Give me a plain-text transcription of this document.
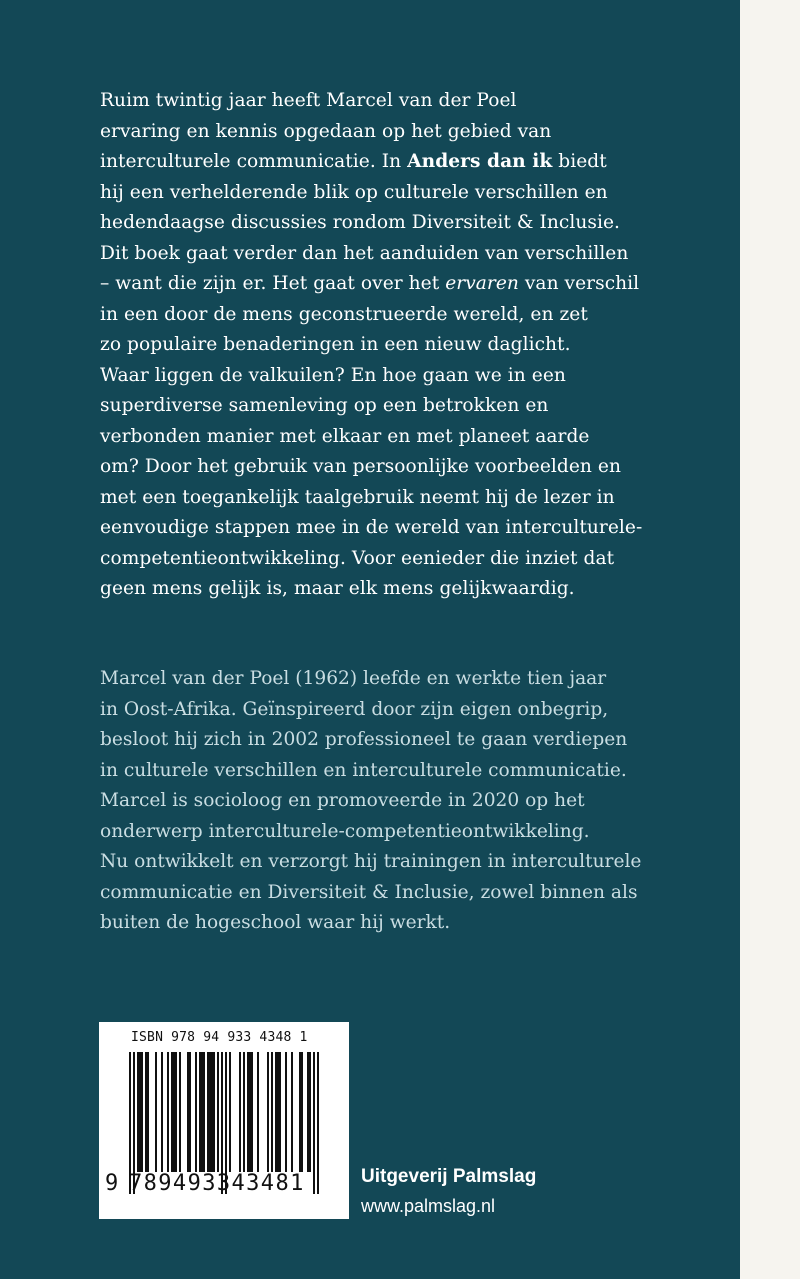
Ruim twintig jaar heeft Marcel van der Poel
ervaring en kennis opgedaan op het gebied van
interculturele communicatie. In Anders dan ik biedt
hij een verhelderende blik op culturele verschillen en
hedendaagse discussies rondom Diversiteit & Inclusie.
Dit boek gaat verder dan het aanduiden van verschillen
– want die zijn er. Het gaat over het ervaren van verschil
in een door de mens geconstrueerde wereld, en zet
zo populaire benaderingen in een nieuw daglicht.
Waar liggen de valkuilen? En hoe gaan we in een
superdiverse samenleving op een betrokken en
verbonden manier met elkaar en met planeet aarde
om? Door het gebruik van persoonlijke voorbeelden en
met een toegankelijk taalgebruik neemt hij de lezer in
eenvoudige stappen mee in de wereld van interculturele-
competentieontwikkeling. Voor eenieder die inziet dat
geen mens gelijk is, maar elk mens gelijkwaardig.

Marcel van der Poel (1962) leefde en werkte tien jaar
in Oost-Afrika. Geïnspireerd door zijn eigen onbegrip,
besloot hij zich in 2002 professioneel te gaan verdiepen
in culturele verschillen en interculturele communicatie.
Marcel is socioloog en promoveerde in 2020 op het
onderwerp interculturele-competentieontwikkeling.
Nu ontwikkelt en verzorgt hij trainingen in interculturele
communicatie en Diversiteit & Inclusie, zowel binnen als
buiten de hogeschool waar hij werkt.

ISBN 978 94 933 4348 1
9 789493343481	Uitgeverij Palmslag
www.palmslag.nl
